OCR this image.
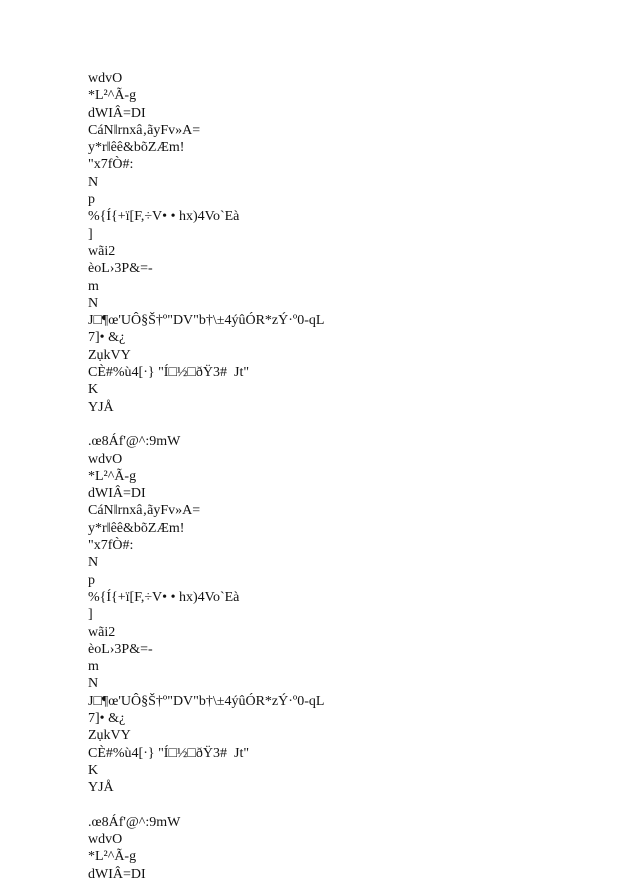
wdvO
*L²^Ã-g
dWIÂ=DI
CáNǁrnxâ‚ãyFv»A=
y*rǁêê&bõZÆm!
"x7fÒ#:
N
p
%{Í{+ï[F,÷V• • hx)4Vo`Eà
]
wãi2
èoL›3P&=-
m
N
J□¶œ'UÔ§Š†º"DV"b†\±4ýûÓR*zÝ·º0-qL
7]• &¿
ZụkVY
CÈ#%ù4[·} "Í□½□ðŸ3#  Jt"
K
YJÅ
.œ8Áf'@^:9mW
wdvO
*L²^Ã-g
dWIÂ=DI
CáNǁrnxâ‚ãyFv»A=
y*rǁêê&bõZÆm!
"x7fÒ#:
N
p
%{Í{+ï[F,÷V• • hx)4Vo`Eà
]
wãi2
èoL›3P&=-
m
N
J□¶œ'UÔ§Š†º"DV"b†\±4ýûÓR*zÝ·º0-qL
7]• &¿
ZụkVY
CÈ#%ù4[·} "Í□½□ðŸ3#  Jt"
K
YJÅ
.œ8Áf'@^:9mW
wdvO
*L²^Ã-g
dWIÂ=DI
